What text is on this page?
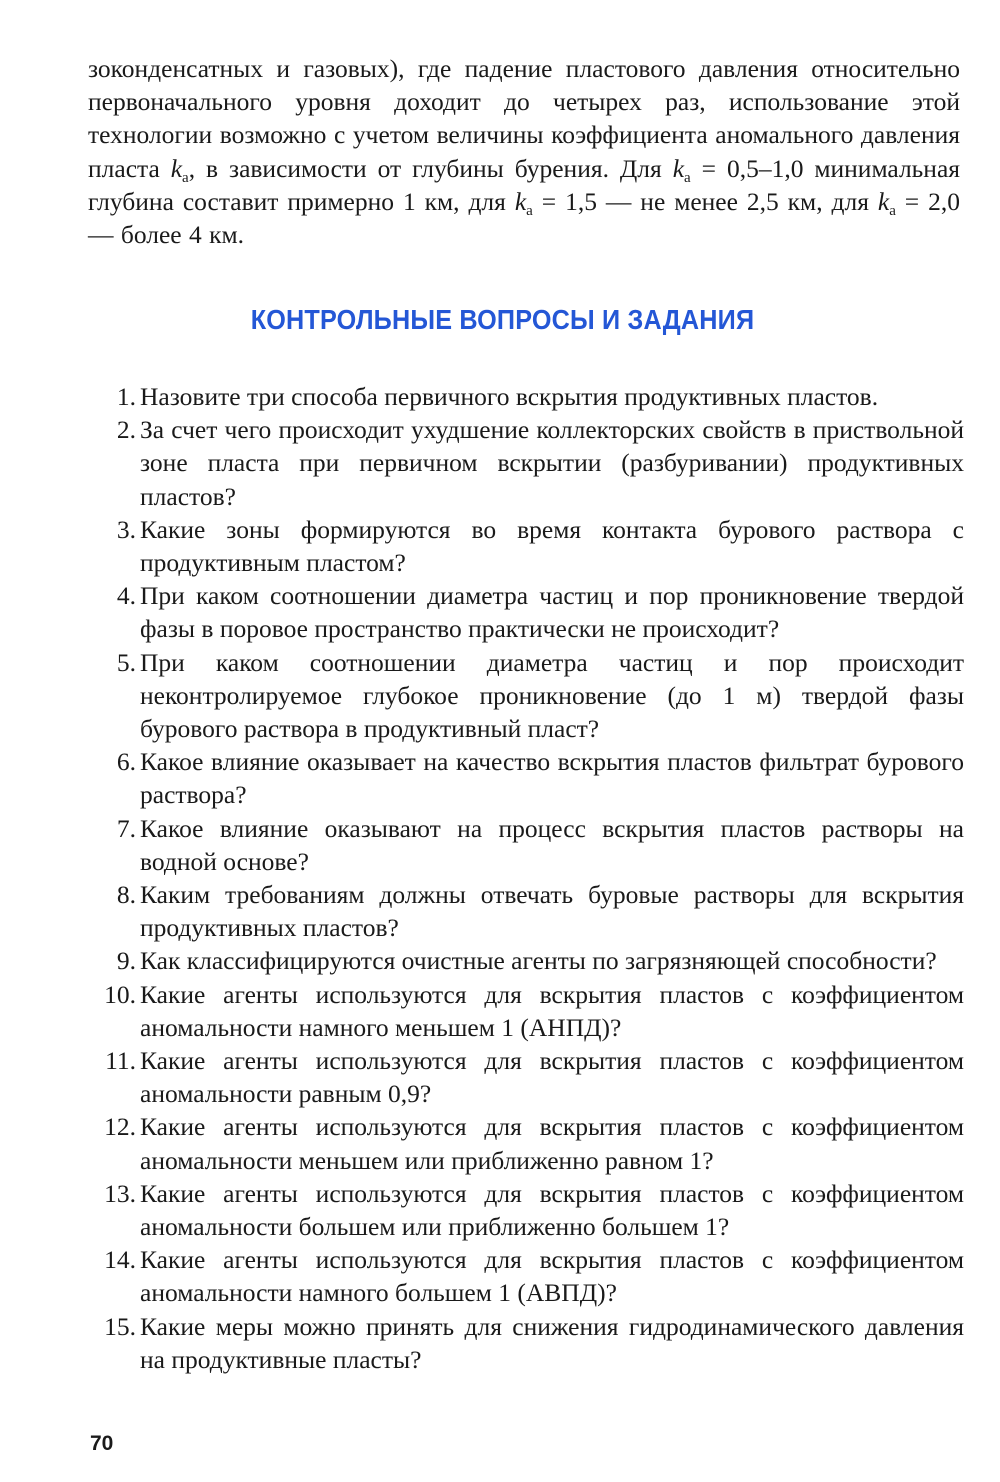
зоконденсатных и газовых), где падение пластового давления относительно первоначального уровня доходит до четырех раз, использование этой технологии возможно с учетом величины коэффициента аномального давления пласта $k_а$, в зависимости от глубины бурения. Для $k_а = 0,5-1,0$ минимальная глубина составит примерно 1 км, для $k_а = 1,5$ — не менее 2,5 км, для $k_а = 2,0$ — более 4 км.

КОНТРОЛЬНЫЕ ВОПРОСЫ И ЗАДАНИЯ
1. Назовите три способа первичного вскрытия продуктивных пластов.
2. За счет чего происходит ухудшение коллекторских свойств в приствольной зоне пласта при первичном вскрытии (разбуривании) продуктивных пластов?
3. Какие зоны формируются во время контакта бурового раствора с продуктивным пластом?
4. При каком соотношении диаметра частиц и пор проникновение твердой фазы в поровое пространство практически не происходит?
5. При каком соотношении диаметра частиц и пор происходит неконтролируемое глубокое проникновение (до 1 м) твердой фазы бурового раствора в продуктивный пласт?
6. Какое влияние оказывает на качество вскрытия пластов фильтрат бурового раствора?
7. Какое влияние оказывают на процесс вскрытия пластов растворы на водной основе?
8. Каким требованиям должны отвечать буровые растворы для вскрытия продуктивных пластов?
9. Как классифицируются очистные агенты по загрязняющей способности?
10. Какие агенты используются для вскрытия пластов с коэффициентом аномальности намного меньшем 1 (АНПД)?
11. Какие агенты используются для вскрытия пластов с коэффициентом аномальности равным 0,9?
12. Какие агенты используются для вскрытия пластов с коэффициентом аномальности меньшем или приближенно равном 1?
13. Какие агенты используются для вскрытия пластов с коэффициентом аномальности большем или приближенно большем 1?
14. Какие агенты используются для вскрытия пластов с коэффициентом аномальности намного большем 1 (АВПД)?
15. Какие меры можно принять для снижения гидродинамического давления на продуктивные пласты?

70
